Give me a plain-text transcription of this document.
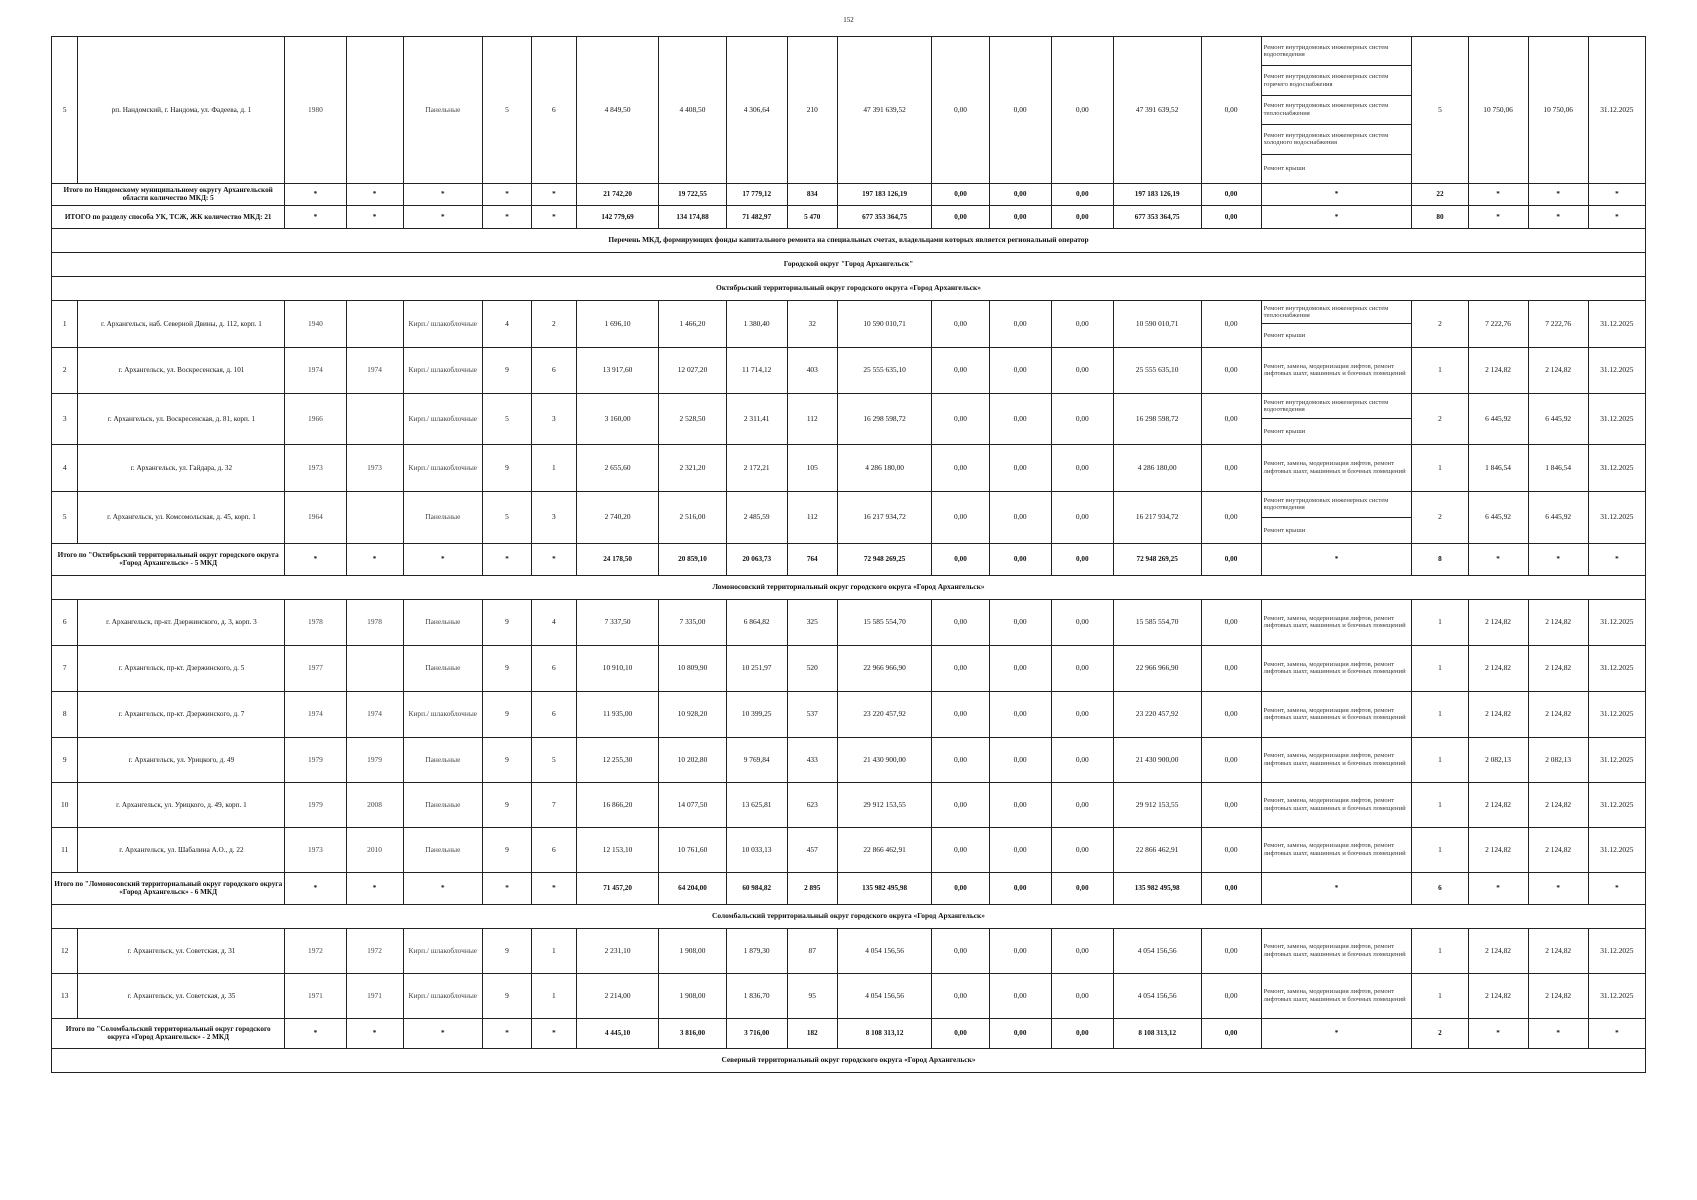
152
5	рп. Нандомский, г. Нандома, ул. Фадеева, д. 1	1980		Панельные	5	6	4 849,50	4 408,50	4 306,64	210	47 391 639,52	0,00	0,00	0,00	47 391 639,52	0,00	Ремонт внутридомовых инженерных систем водоотведения	5	10 750,06	10 750,06	31.12.2025
																	Ремонт внутридомовых инженерных систем горячего водоснабжения				
																	Ремонт внутридомовых инженерных систем теплоснабжения				
																	Ремонт внутридомовых инженерных систем холодного водоснабжения				
																	Ремонт крыши				
Итого по Няндомскому муниципальному округу Архангельской области количество МКД: 5		*	*	*	*	*	21 742,20	19 722,55	17 779,12	834	197 183 126,19	0,00	0,00	0,00	197 183 126,19	0,00	*	22	*	*	*
ИТОГО по разделу способа УК, ТСЖ, ЖК количество МКД: 21		*	*	*	*	*	142 779,69	134 174,88	71 482,97	5 470	677 353 364,75	0,00	0,00	0,00	677 353 364,75	0,00	*	80	*	*	*
Перечень МКД, формирующих фонды капитального ремонта на специальных счетах, владельцами которых является региональный оператор																					
Городской округ "Город Архангельск"																					
Октябрьский территориальный округ городского округа «Город Архангельск»																					
1	г. Архангельск, наб. Северной Двины, д. 112, корп. 1	1940		Кирп./ шлакоблочные	4	2	1 696,10	1 466,20	1 380,40	32	10 590 010,71	0,00	0,00	0,00	10 590 010,71	0,00	Ремонт внутридомовых инженерных систем теплоснабжения	2	7 222,76	7 222,76	31.12.2025
																	Ремонт крыши				
2	г. Архангельск, ул. Воскресенская, д. 101	1974	1974	Кирп./ шлакоблочные	9	6	13 917,60	12 027,20	11 714,12	403	25 555 635,10	0,00	0,00	0,00	25 555 635,10	0,00	Ремонт, замена, модернизация лифтов, ремонт лифтовых шахт, машинных и блочных помещений	1	2 124,82	2 124,82	31.12.2025
3	г. Архангельск, ул. Воскресенская, д. 81, корп. 1	1966		Кирп./ шлакоблочные	5	3	3 160,00	2 528,50	2 311,41	112	16 298 598,72	0,00	0,00	0,00	16 298 598,72	0,00	Ремонт внутридомовых инженерных систем водоотведения	2	6 445,92	6 445,92	31.12.2025
																	Ремонт крыши				
4	г. Архангельск, ул. Гайдара, д. 32	1973	1973	Кирп./ шлакоблочные	9	1	2 655,60	2 321,20	2 172,21	105	4 286 180,00	0,00	0,00	0,00	4 286 180,00	0,00	Ремонт, замена, модернизация лифтов, ремонт лифтовых шахт, машинных и блочных помещений	1	1 846,54	1 846,54	31.12.2025
5	г. Архангельск, ул. Комсомольская, д. 45, корп. 1	1964		Панельные	5	3	2 740,20	2 516,00	2 485,59	112	16 217 934,72	0,00	0,00	0,00	16 217 934,72	0,00	Ремонт внутридомовых инженерных систем водоотведения	2	6 445,92	6 445,92	31.12.2025
																	Ремонт крыши				
Итого по "Октябрьский территориальный округ городского округа «Город Архангельск» - 5 МКД		*	*	*	*	*	24 178,50	20 859,10	20 063,73	764	72 948 269,25	0,00	0,00	0,00	72 948 269,25	0,00	*	8	*	*	*
Ломоносовский территориальный округ городского округа «Город Архангельск»																					
6	г. Архангельск, пр-кт. Дзержинского, д. 3, корп. 3	1978	1978	Панельные	9	4	7 337,50	7 335,00	6 864,82	325	15 585 554,70	0,00	0,00	0,00	15 585 554,70	0,00	Ремонт, замена, модернизация лифтов, ремонт лифтовых шахт, машинных и блочных помещений	1	2 124,82	2 124,82	31.12.2025
7	г. Архангельск, пр-кт. Дзержинского, д. 5	1977		Панельные	9	6	10 910,10	10 809,90	10 251,97	520	22 966 966,90	0,00	0,00	0,00	22 966 966,90	0,00	Ремонт, замена, модернизация лифтов, ремонт лифтовых шахт, машинных и блочных помещений	1	2 124,82	2 124,82	31.12.2025
8	г. Архангельск, пр-кт. Дзержинского, д. 7	1974	1974	Кирп./ шлакоблочные	9	6	11 935,00	10 928,20	10 399,25	537	23 220 457,92	0,00	0,00	0,00	23 220 457,92	0,00	Ремонт, замена, модернизация лифтов, ремонт лифтовых шахт, машинных и блочных помещений	1	2 124,82	2 124,82	31.12.2025
9	г. Архангельск, ул. Урицкого, д. 49	1979	1979	Панельные	9	5	12 255,30	10 202,80	9 769,84	433	21 430 900,00	0,00	0,00	0,00	21 430 900,00	0,00	Ремонт, замена, модернизация лифтов, ремонт лифтовых шахт, машинных и блочных помещений	1	2 082,13	2 082,13	31.12.2025
10	г. Архангельск, ул. Урицкого, д. 49, корп. 1	1979	2008	Панельные	9	7	16 866,20	14 077,50	13 625,81	623	29 912 153,55	0,00	0,00	0,00	29 912 153,55	0,00	Ремонт, замена, модернизация лифтов, ремонт лифтовых шахт, машинных и блочных помещений	1	2 124,82	2 124,82	31.12.2025
11	г. Архангельск, ул. Шабалина А.О., д. 22	1973	2010	Панельные	9	6	12 153,10	10 761,60	10 033,13	457	22 866 462,91	0,00	0,00	0,00	22 866 462,91	0,00	Ремонт, замена, модернизация лифтов, ремонт лифтовых шахт, машинных и блочных помещений	1	2 124,82	2 124,82	31.12.2025
Итого по "Ломоносовский территориальный округ городского округа «Город Архангельск» - 6 МКД		*	*	*	*	*	71 457,20	64 204,00	60 984,82	2 895	135 982 495,98	0,00	0,00	0,00	135 982 495,98	0,00	*	6	*	*	*
Соломбальский территориальный округ городского округа «Город Архангельск»																					
12	г. Архангельск, ул. Советская, д. 31	1972	1972	Кирп./ шлакоблочные	9	1	2 231,10	1 908,00	1 879,30	87	4 054 156,56	0,00	0,00	0,00	4 054 156,56	0,00	Ремонт, замена, модернизация лифтов, ремонт лифтовых шахт, машинных и блочных помещений	1	2 124,82	2 124,82	31.12.2025
13	г. Архангельск, ул. Советская, д. 35	1971	1971	Кирп./ шлакоблочные	9	1	2 214,00	1 908,00	1 836,70	95	4 054 156,56	0,00	0,00	0,00	4 054 156,56	0,00	Ремонт, замена, модернизация лифтов, ремонт лифтовых шахт, машинных и блочных помещений	1	2 124,82	2 124,82	31.12.2025
Итого по "Соломбальский территориальный округ городского округа «Город Архангельск» - 2 МКД		*	*	*	*	*	4 445,10	3 816,00	3 716,00	182	8 108 313,12	0,00	0,00	0,00	8 108 313,12	0,00	*	2	*	*	*
Северный территориальный округ городского округа «Город Архангельск»																					
